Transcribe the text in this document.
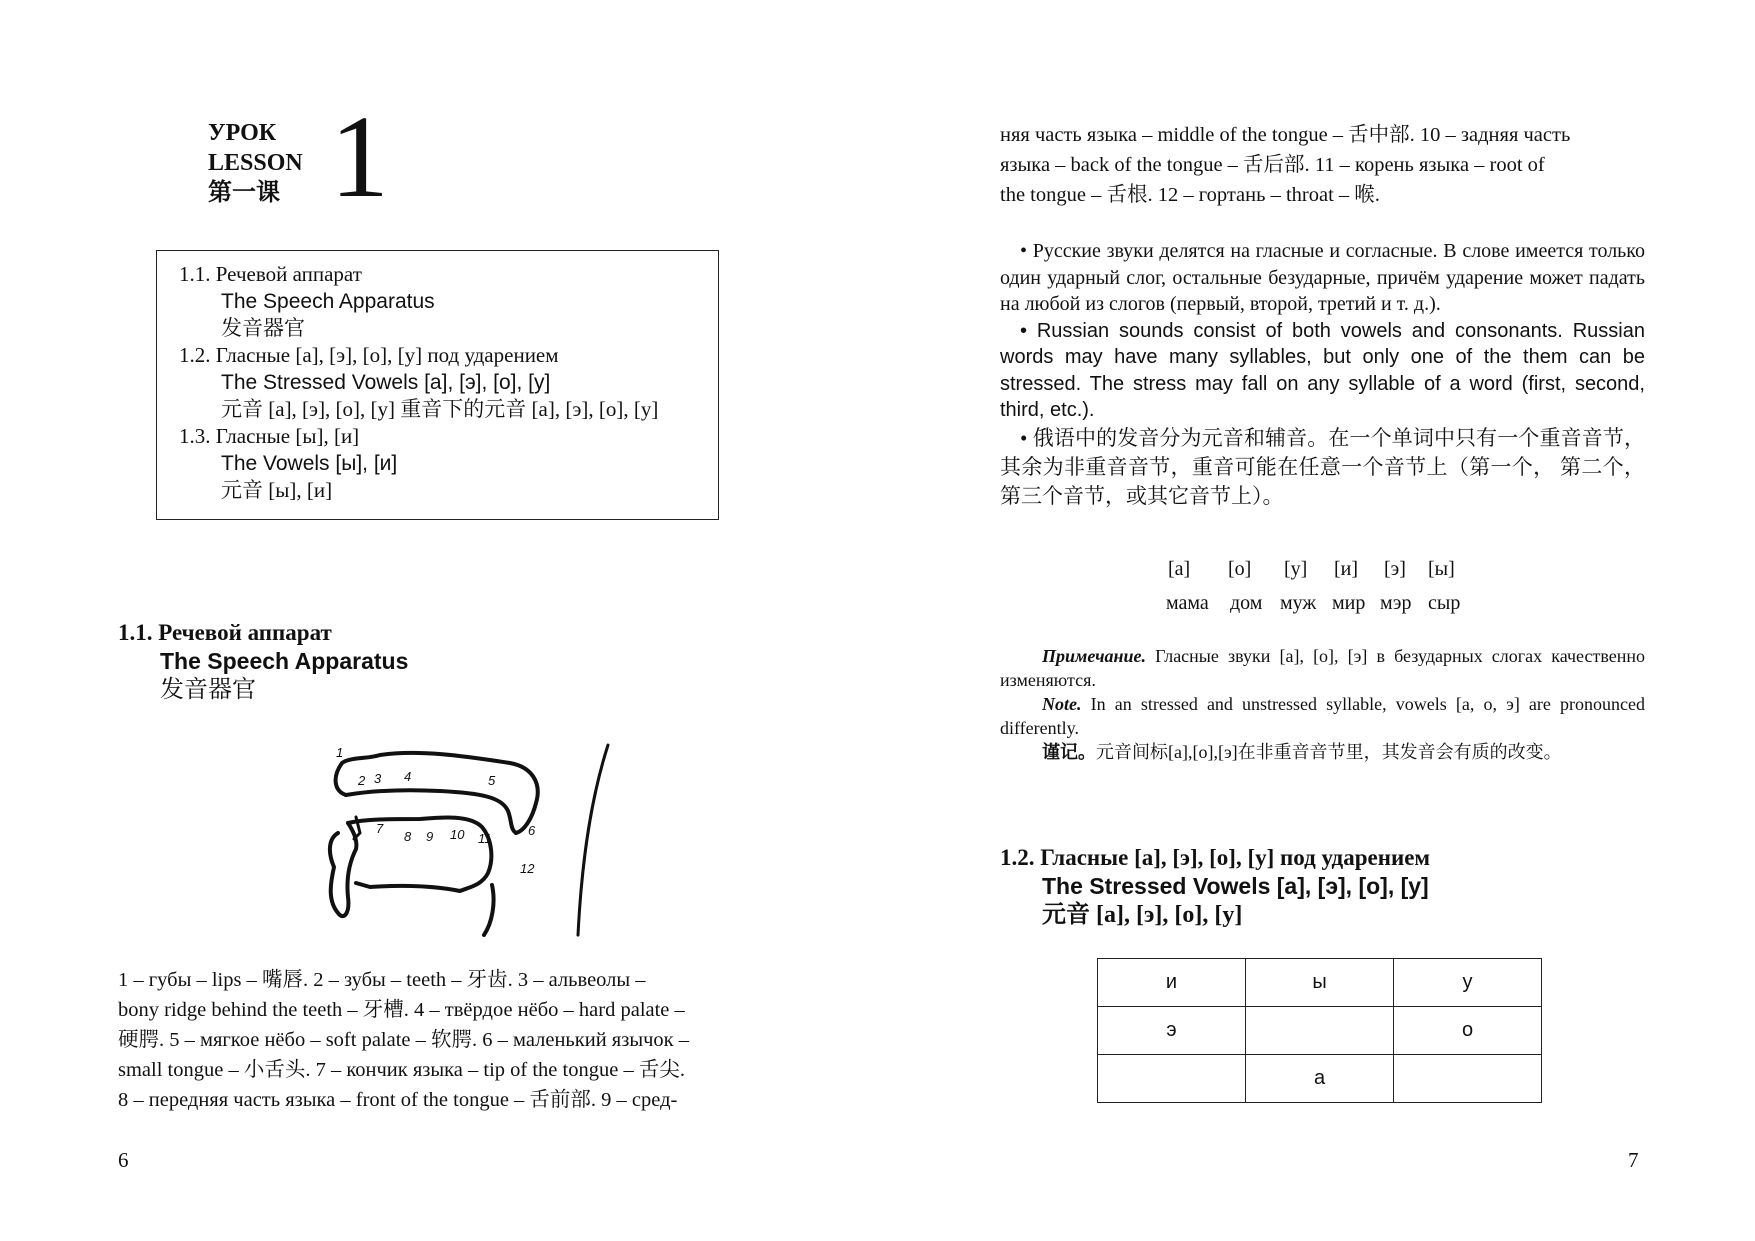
УРОК
LESSON
第一课 1
1.1. Речевой аппарат
The Speech Apparatus
发音器官
1.2. Гласные [а], [э], [о], [у] под ударением
The Stressed Vowels [а], [э], [о], [у]
元音 [а], [э], [о], [у] 重音下的元音 [а], [э], [о], [у]
1.3. Гласные [ы], [и]
The Vowels [ы], [и]
元音 [ы], [и]
1.1. Речевой аппарат
The Speech Apparatus
发音器官
1
2 3 4	5
6
7
8 9 10 11
12
1 – губы – lips – 嘴唇. 2 – зубы – teeth – 牙齿. 3 – альвеолы –
bony ridge behind the teeth – 牙槽. 4 – твёрдое нёбо – hard palate –
硬腭. 5 – мягкое нёбо – soft palate – 软腭. 6 – маленький язычок –
small tongue – 小舌头. 7 – кончик языка – tip of the tongue – 舌尖.
8 – передняя часть языка – front of the tongue – 舌前部. 9 – сред-
6
няя часть языка – middle of the tongue – 舌中部. 10 – задняя часть
языка – back of the tongue – 舌后部. 11 – корень языка – root of
the tongue – 舌根. 12 – гортань – throat – 喉.

• Русские звуки делятся на гласные и согласные. В слове имеется только один ударный слог, остальные безударные, причём ударение может падать на любой из слогов (первый, второй, третий и т. д.).

• Russian sounds consist of both vowels and consonants. Russian words may have many syllables, but only one of the them can be stressed. The stress may fall on any syllable of a word (first, second, third, etc.).

• 俄语中的发音分为元音和辅音。在一个单词中只有一个重音音节，其余为非重音音节，重音可能在任意一个音节上（第一个， 第二个，第三个音节，或其它音节上）。

[а]	[о]	[у]	[и]	[э]	[ы]
мама	дом муж мир мэр сыр

Примечание. Гласные звуки [а], [о], [э] в безударных слогах качественно изменяются.

Note. In an stressed and unstressed syllable, vowels [a, o, э] are pronounced differently.

谨记。元音间标[a],[o],[э]在非重音音节里，其发音会有质的改变。

1.2. Гласные [а], [э], [о], [у] под ударением
The Stressed Vowels [а], [э], [о], [у]
元音 [а], [э], [о], [у]
и	ы	у
э		о
	а	
7
